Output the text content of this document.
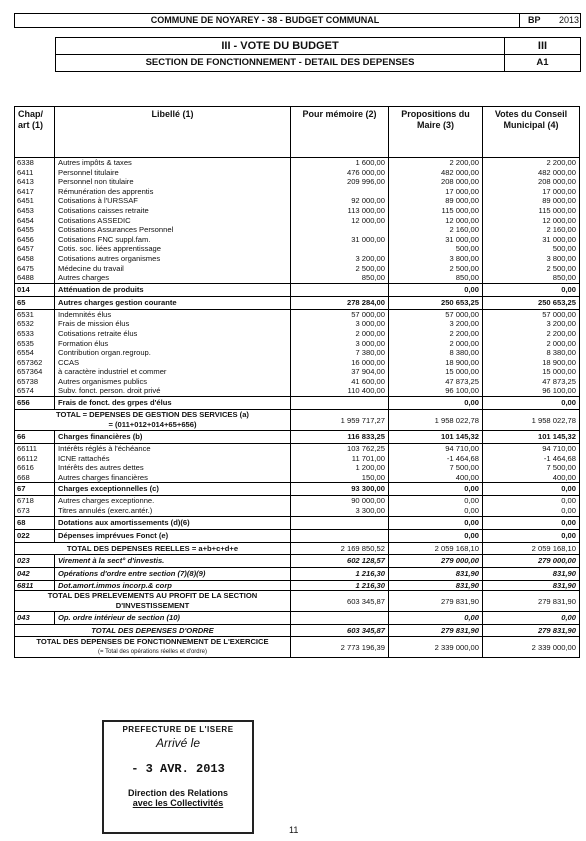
COMMUNE DE NOYAREY - 38 - BUDGET COMMUNAL	BP 2013
III - VOTE DU BUDGET
SECTION DE FONCTIONNEMENT - DETAIL DES DEPENSES
III
A1
Chap/ art (1)	Libellé (1)	Pour mémoire (2)	Propositions du Maire (3)	Votes du Conseil Municipal (4)
6338	Autres impôts & taxes	1 600,00	2 200,00	2 200,00
6411	Personnel titulaire	476 000,00	482 000,00	482 000,00
6413	Personnel non titulaire	209 996,00	208 000,00	208 000,00
6417	Rémunération des apprentis		17 000,00	17 000,00
6451	Cotisations à l'URSSAF	92 000,00	89 000,00	89 000,00
6453	Cotisations caisses retraite	113 000,00	115 000,00	115 000,00
6454	Cotisations ASSEDIC	12 000,00	12 000,00	12 000,00
6455	Cotisations Assurances Personnel		2 160,00	2 160,00
6456	Cotisations FNC suppl.fam.	31 000,00	31 000,00	31 000,00
6457	Cotis. soc. liées apprentissage		500,00	500,00
6458	Cotisations autres organismes	3 200,00	3 800,00	3 800,00
6475	Médecine du travail	2 500,00	2 500,00	2 500,00
6488	Autres charges	850,00	850,00	850,00
014	Atténuation de produits		0,00	0,00
65	Autres charges gestion courante	278 284,00	250 653,25	250 653,25
6531	Indemnités élus	57 000,00	57 000,00	57 000,00
6532	Frais de mission élus	3 000,00	3 200,00	3 200,00
6533	Cotisations retraite élus	2 000,00	2 200,00	2 200,00
6535	Formation élus	3 000,00	2 000,00	2 000,00
6554	Contribution organ.regroup.	7 380,00	8 380,00	8 380,00
657362	CCAS	16 000,00	18 900,00	18 900,00
657364	à caractère industriel et commer	37 904,00	15 000,00	15 000,00
65738	Autres organismes publics	41 600,00	47 873,25	47 873,25
6574	Subv. fonct. person. droit privé	110 400,00	96 100,00	96 100,00
656	Frais de fonct. des grpes d'élus		0,00	0,00

TOTAL = DEPENSES DE GESTION DES SERVICES (a)
= (011+012+014+65+656)		1 959 717,27	1 958 022,78	1 958 022,78
66	Charges financières (b)	116 833,25	101 145,32	101 145,32
66111	Intérêts réglés à l'échéance	103 762,25	94 710,00	94 710,00
66112	ICNE rattachés	11 701,00	-1 464,68	-1 464,68
6616	Intérêts des autres dettes	1 200,00	7 500,00	7 500,00
668	Autres charges financières	150,00	400,00	400,00
67	Charges exceptionnelles (c)	93 300,00	0,00	0,00
6718	Autres charges exceptionne.	90 000,00	0,00	0,00
673	Titres annulés (exerc.antér.)	3 300,00	0,00	0,00
68	Dotations aux amortissements (d)(6)		0,00	0,00
022	Dépenses imprévues Fonct (e)		0,00	0,00

TOTAL DES DEPENSES REELLES = a+b+c+d+e		2 169 850,52	2 059 168,10	2 059 168,10
023	Virement à la sect° d'investis.	602 128,57	279 000,00	279 000,00
042	Opérations d'ordre entre section (7)(8)(9)	1 216,30	831,90	831,90
6811	Dot.amort.immos incorp.& corp	1 216,30	831,90	831,90

TOTAL DES PRELEVEMENTS AU PROFIT DE LA SECTION
D'INVESTISSEMENT		603 345,87	279 831,90	279 831,90
043	Op. ordre intérieur de section (10)		0,00	0,00

TOTAL DES DEPENSES D'ORDRE		603 345,87	279 831,90	279 831,90

TOTAL DES DEPENSES DE FONCTIONNEMENT DE L'EXERCICE
(= Total des opérations réelles et d'ordre)		2 773 196,39	2 339 000,00	2 339 000,00
PREFECTURE DE L'ISERE
Arrivé le
- 3 AVR. 2013
Direction des Relations
avec les Collectivités
11
